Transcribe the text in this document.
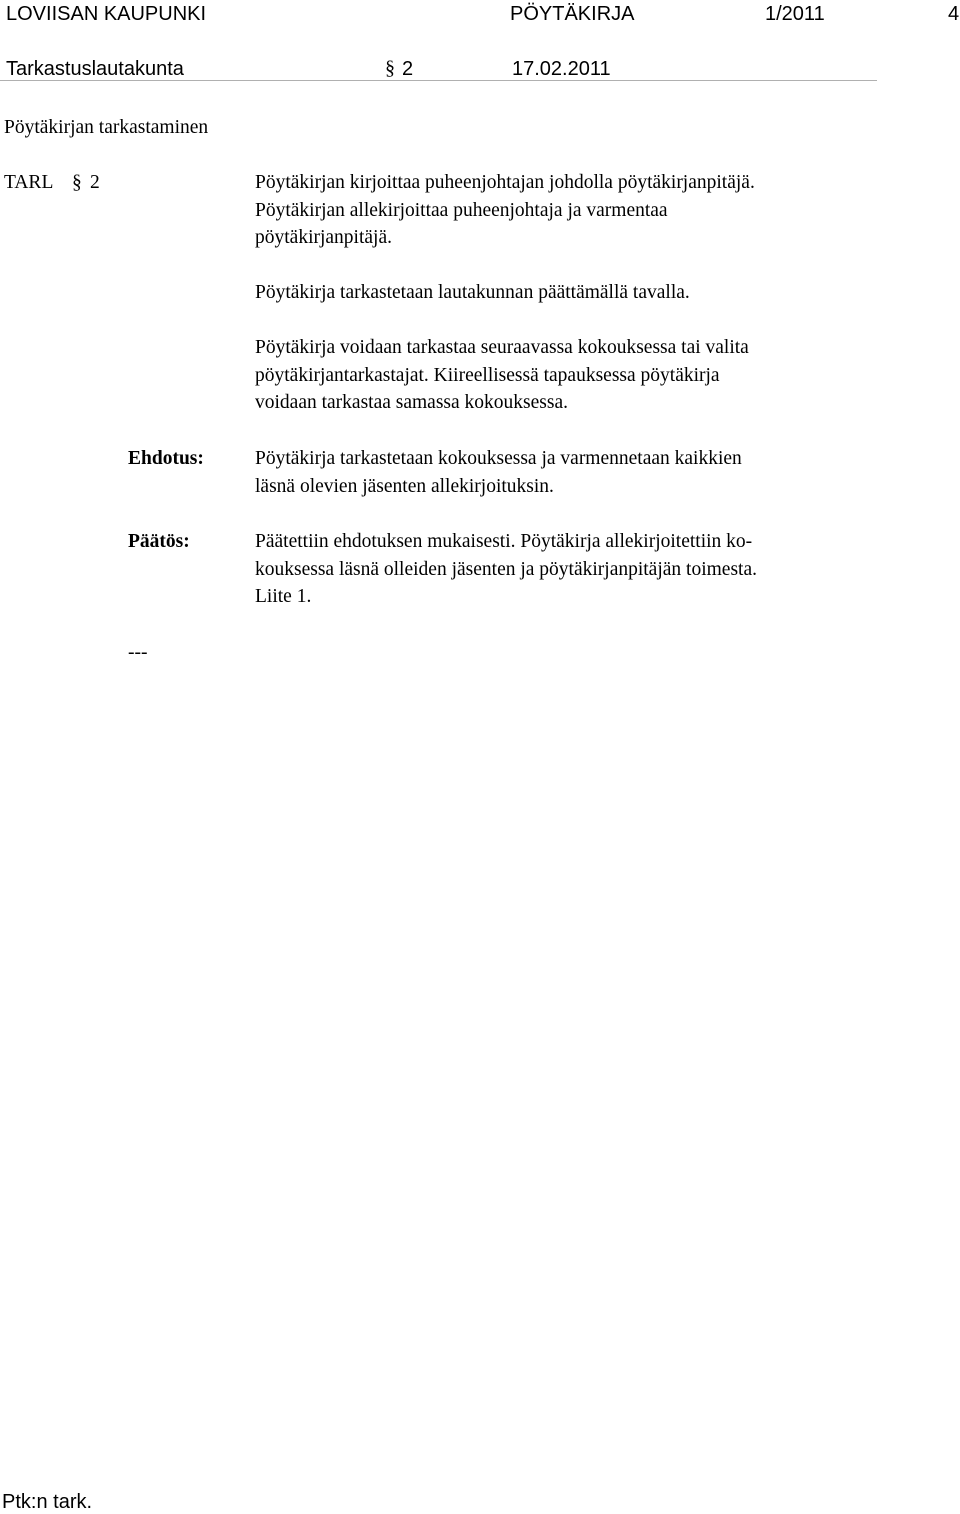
LOVIISAN KAUPUNKI	PÖYTÄKIRJA	1/2011	4
Tarkastuslautakunta	§ 2	17.02.2011
Pöytäkirjan tarkastaminen
TARL § 2	Pöytäkirjan kirjoittaa puheenjohtajan johdolla pöytäkirjanpitäjä.
Pöytäkirjan allekirjoittaa puheenjohtaja ja varmentaa
pöytäkirjanpitäjä.
Pöytäkirja tarkastetaan lautakunnan päättämällä tavalla.
Pöytäkirja voidaan tarkastaa seuraavassa kokouksessa tai valita
pöytäkirjantarkastajat. Kiireellisessä tapauksessa pöytäkirja
voidaan tarkastaa samassa kokouksessa.
Ehdotus:	Pöytäkirja tarkastetaan kokouksessa ja varmennetaan kaikkien
läsnä olevien jäsenten allekirjoituksin.
Päätös:	Päätettiin ehdotuksen mukaisesti. Pöytäkirja allekirjoitettiin ko-
kouksessa läsnä olleiden jäsenten ja pöytäkirjanpitäjän toimesta.
Liite 1.
---
Ptk:n tark.
